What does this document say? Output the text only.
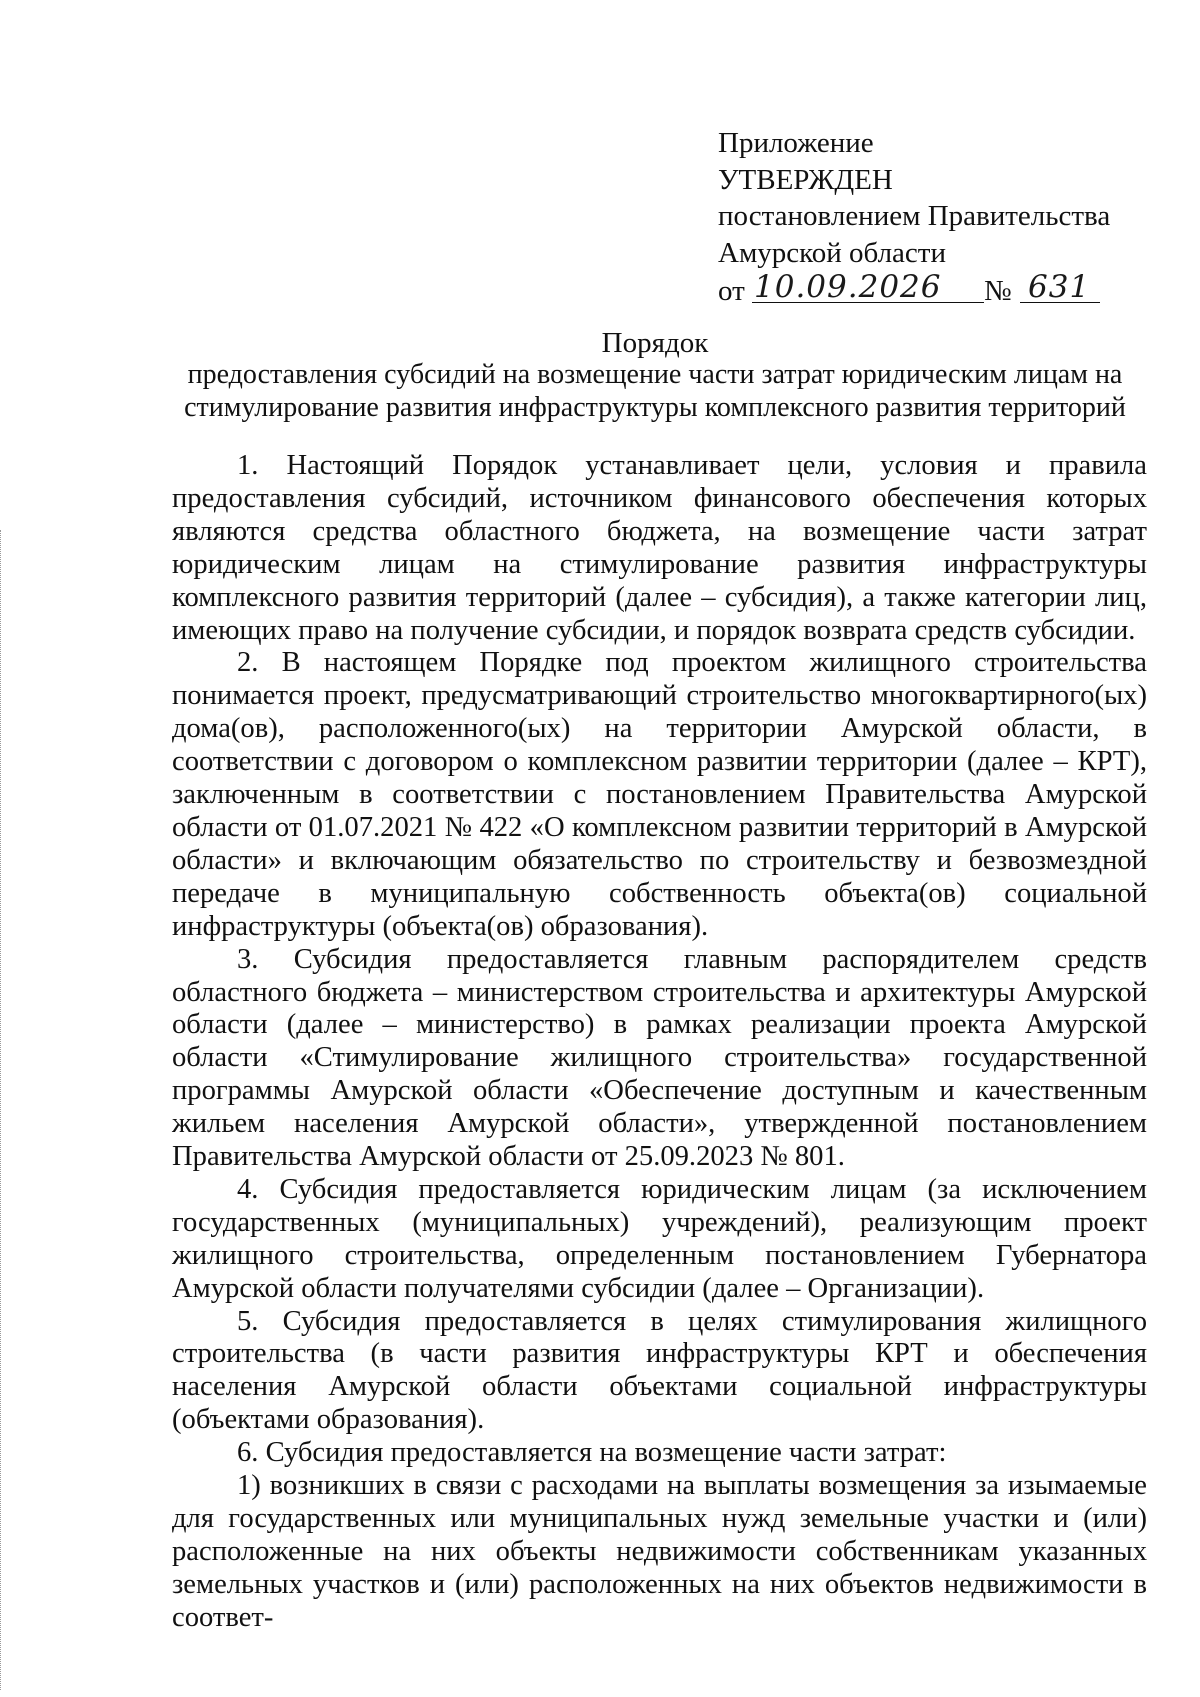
Приложение
УТВЕРЖДЕН
постановлением Правительства
Амурской области
от 10.09.2026 № 631
Порядок
предоставления субсидий на возмещение части затрат юридическим лицам на
стимулирование развития инфраструктуры комплексного развития территорий

1. Настоящий Порядок устанавливает цели, условия и правила предоставления субсидий, источником финансового обеспечения которых являются средства областного бюджета, на возмещение части затрат юридическим лицам на стимулирование развития инфраструктуры комплексного развития территорий (далее – субсидия), а также категории лиц, имеющих право на получение субсидии, и порядок возврата средств субсидии.

2. В настоящем Порядке под проектом жилищного строительства понимается проект, предусматривающий строительство многоквартирного(ых) дома(ов), расположенного(ых) на территории Амурской области, в соответствии с договором о комплексном развитии территории (далее – КРТ), заключенным в соответствии с постановлением Правительства Амурской области от 01.07.2021 № 422 «О комплексном развитии территорий в Амурской области» и включающим обязательство по строительству и безвозмездной передаче в муниципальную собственность объекта(ов) социальной инфраструктуры (объекта(ов) образования).

3. Субсидия предоставляется главным распорядителем средств областного бюджета – министерством строительства и архитектуры Амурской области (далее – министерство) в рамках реализации проекта Амурской области «Стимулирование жилищного строительства» государственной программы Амурской области «Обеспечение доступным и качественным жильем населения Амурской области», утвержденной постановлением Правительства Амурской области от 25.09.2023 № 801.

4. Субсидия предоставляется юридическим лицам (за исключением государственных (муниципальных) учреждений), реализующим проект жилищного строительства, определенным постановлением Губернатора Амурской области получателями субсидии (далее – Организации).

5. Субсидия предоставляется в целях стимулирования жилищного строительства (в части развития инфраструктуры КРТ и обеспечения населения Амурской области объектами социальной инфраструктуры (объектами образования).

6. Субсидия предоставляется на возмещение части затрат:

1) возникших в связи с расходами на выплаты возмещения за изымаемые для государственных или муниципальных нужд земельные участки и (или) расположенные на них объекты недвижимости собственникам указанных земельных участков и (или) расположенных на них объектов недвижимости в соответ-
